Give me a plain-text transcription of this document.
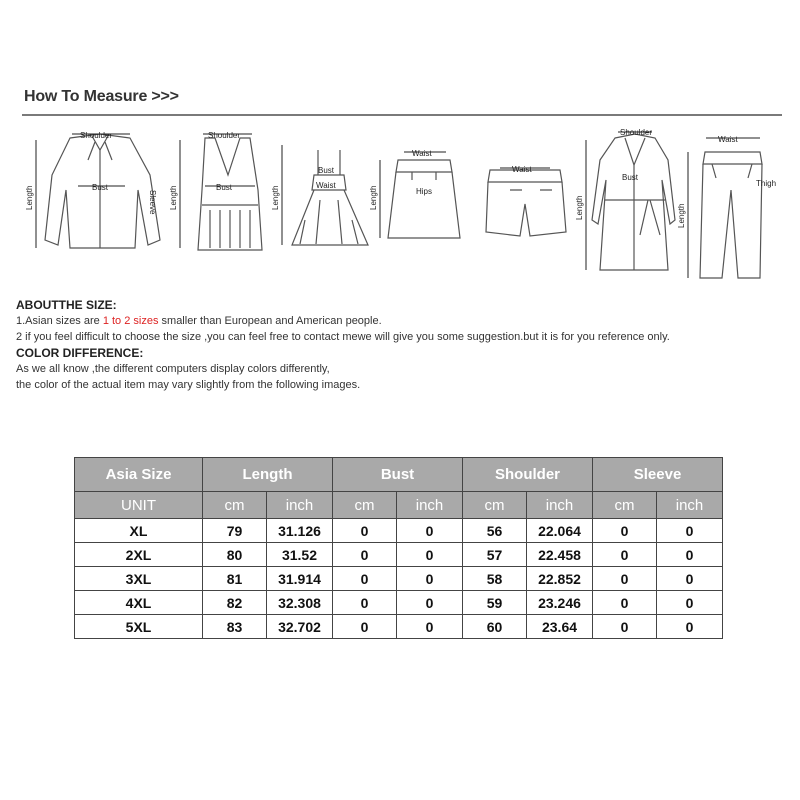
How To Measure >>>
Shoulder
Bust
Sleeve
Length
Shoulder
Bust
Length
Bust
Waist
Length
Waist
Hips
Length
Waist
Shoulder
Bust
Length
Waist
Thigh
Length
ABOUTTHE SIZE:
1.Asian sizes are 1 to 2 sizes smaller than European and American people.
2 if you feel difficult to choose the size ,you can feel free to contact mewe will give you some suggestion.but it is for you reference only.
COLOR DIFFERENCE:
As we all know ,the different computers display colors differently,
the color of the actual item may vary slightly from the following images.
Asia Size	Length		Bust		Shoulder		Sleeve	
UNIT	cm	inch	cm	inch	cm	inch	cm	inch
XL	79	31.126	0	0	56	22.064	0	0
2XL	80	31.52	0	0	57	22.458	0	0
3XL	81	31.914	0	0	58	22.852	0	0
4XL	82	32.308	0	0	59	23.246	0	0
5XL	83	32.702	0	0	60	23.64	0	0
